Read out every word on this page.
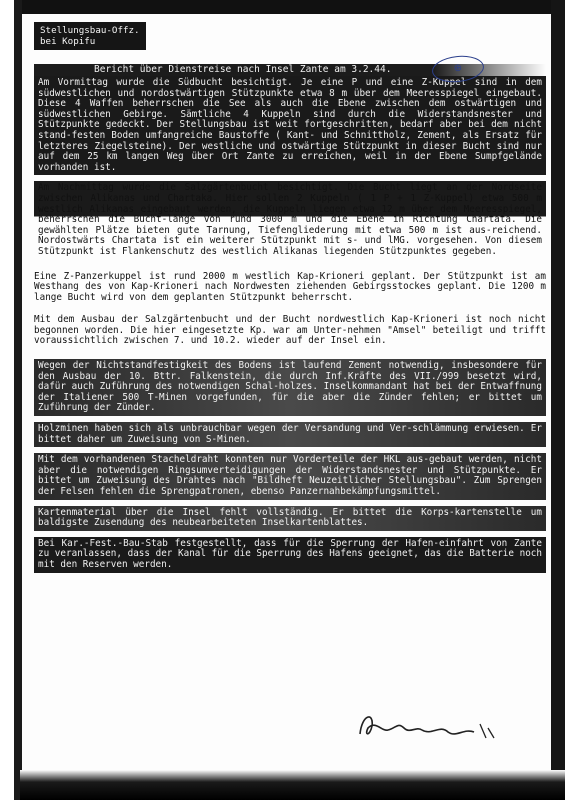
Stellungsbau-Offz.
bei Kopifu
⊕
Bericht über Dienstreise nach Insel Zante am 3.2.44.

Am Vormittag wurde die Südbucht besichtigt. Je eine P und eine Z-Kuppel sind in dem südwestlichen und nordostwärtigen Stützpunkte etwa 8 m über dem Meeresspiegel eingebaut. Diese 4 Waffen beherrschen die See als auch die Ebene zwischen dem ostwärtigen und südwestlichen Gebirge. Sämtliche 4 Kuppeln sind durch die Widerstandsnester und Stützpunkte gedeckt. Der Stellungsbau ist weit fortgeschritten, bedarf aber bei dem nicht stand-festen Boden umfangreiche Baustoffe ( Kant- und Schnittholz, Zement, als Ersatz für letzteres Ziegelsteine). Der westliche und ostwärtige Stützpunkt in dieser Bucht sind nur auf dem 25 km langen Weg über Ort Zante zu erreichen, weil in der Ebene Sumpfgelände vorhanden ist.

Am Nachmittag wurde die Salzgärtenbucht besichtigt. Die Bucht liegt an der Nordseite zwischen Alikanas und Chartaka. Hier sollen 2 Kuppeln ( 1 P + 1 Z-Kuppel) etwa 500 m westlich Alikanas eingebaut werden, die Kuppeln liegen etwa 12 m über dem Meeresspiegel, beherrschen die Bucht-länge von rund 3000 m und die Ebene in Richtung Chartata. Die gewählten Plätze bieten gute Tarnung, Tiefengliederung mit etwa 500 m ist aus-reichend. Nordostwärts Chartata ist ein weiterer Stützpunkt mit s- und lMG. vorgesehen. Von diesem Stützpunkt ist Flankenschutz des westlich Alikanas liegenden Stützpunktes gegeben.

Eine Z-Panzerkuppel ist rund 2000 m westlich Kap-Krioneri geplant. Der Stützpunkt ist am Westhang des von Kap-Krioneri nach Nordwesten ziehenden Gebirgsstockes geplant. Die 1200 m lange Bucht wird von dem geplanten Stützpunkt beherrscht.

Mit dem Ausbau der Salzgärtenbucht und der Bucht nordwestlich Kap-Krioneri ist noch nicht begonnen worden. Die hier eingesetzte Kp. war am Unter-nehmen "Amsel" beteiligt und trifft voraussichtlich zwischen 7. und 10.2. wieder auf der Insel ein.

Wegen der Nichtstandfestigkeit des Bodens ist laufend Zement notwendig, insbesondere für den Ausbau der 10. Bttr. Falkenstein, die durch Inf.Kräfte des VII./999 besetzt wird, dafür auch Zuführung des notwendigen Schal-holzes. Inselkommandant hat bei der Entwaffnung der Italiener 500 T-Minen vorgefunden, für die aber die Zünder fehlen; er bittet um Zuführung der Zünder.

Holzminen haben sich als unbrauchbar wegen der Versandung und Ver-schlämmung erwiesen. Er bittet daher um Zuweisung von S-Minen.

Mit dem vorhandenen Stacheldraht konnten nur Vorderteile der HKL aus-gebaut werden, nicht aber die notwendigen Ringsumverteidigungen der Widerstandsnester und Stützpunkte. Er bittet um Zuweisung des Drahtes nach "Bildheft Neuzeitlicher Stellungsbau". Zum Sprengen der Felsen fehlen die Sprengpatronen, ebenso Panzernahbekämpfungsmittel.

Kartenmaterial über die Insel fehlt vollständig. Er bittet die Korps-kartenstelle um baldigste Zusendung des neubearbeiteten Inselkartenblattes.

Bei Kar.-Fest.-Bau-Stab festgestellt, dass für die Sperrung der Hafen-einfahrt von Zante zu veranlassen, dass der Kanal für die Sperrung des Hafens geeignet, das die Batterie noch mit den Reserven werden.
